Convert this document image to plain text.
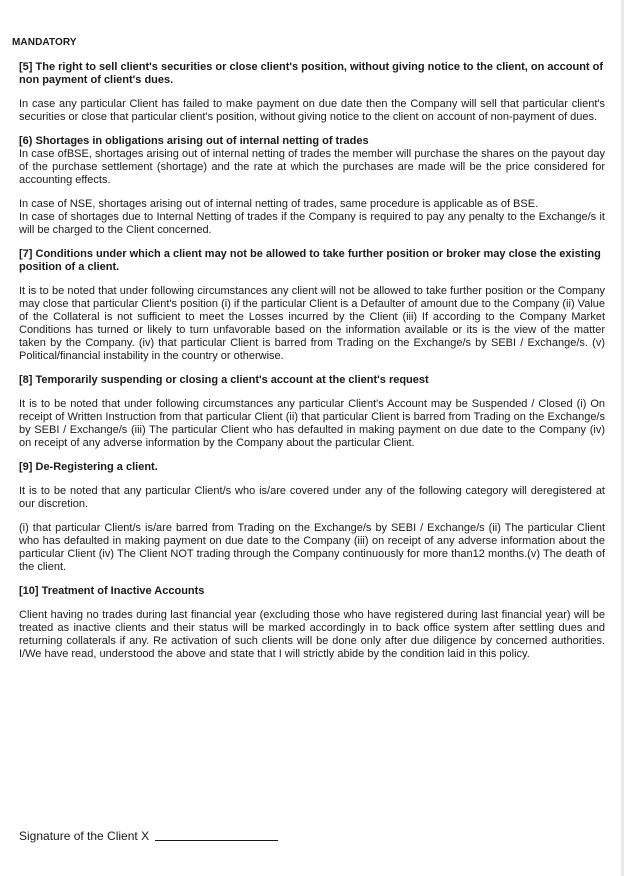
MANDATORY

[5] The right to sell client's securities or close client's position, without giving notice to the client, on account of non payment of client's dues.

In case any particular Client has failed to make payment on due date then the Company will sell that particular client's securities or close that particular client's position, without giving notice to the client on account of non-payment of dues.

[6) Shortages in obligations arising out of internal netting of trades

In case ofBSE, shortages arising out of internal netting of trades the member will purchase the shares on the payout day of the purchase settlement (shortage) and the rate at which the purchases are made will be the price considered for accounting effects.

In case of NSE, shortages arising out of internal netting of trades, same procedure is applicable as of BSE.

In case of shortages due to Internal Netting of trades if the Company is required to pay any penalty to the Exchange/s it will be charged to the Client concerned.

[7] Conditions under which a client may not be allowed to take further position or broker may close the existing position of a client.

It is to be noted that under following circumstances any client will not be allowed to take further position or the Company may close that particular Client's position (i) if the particular Client is a Defaulter of amount due to the Company (ii) Value of the Collateral is not sufficient to meet the Losses incurred by the Client (iii) If according to the Company Market Conditions has turned or likely to turn unfavorable based on the information available or its is the view of the matter taken by the Company. (iv) that particular Client is barred from Trading on the Exchange/s by SEBI / Exchange/s. (v) Political/financial instability in the country or otherwise.

[8] Temporarily suspending or closing a client's account at the client's request

It is to be noted that under following circumstances any particular Client's Account may be Suspended / Closed (i) On receipt of Written Instruction from that particular Client (ii) that particular Client is barred from Trading on the Exchange/s by SEBI / Exchange/s (iii) The particular Client who has defaulted in making payment on due date to the Company (iv) on receipt of any adverse information by the Company about the particular Client.

[9] De-Registering a client.

It is to be noted that any particular Client/s who is/are covered under any of the following category will deregistered at our discretion.

(i) that particular Client/s is/are barred from Trading on the Exchange/s by SEBI / Exchange/s (ii) The particular Client who has defaulted in making payment on due date to the Company (iii) on receipt of any adverse information about the particular Client (iv) The Client NOT trading through the Company continuously for more than12 months.(v) The death of the client.

[10] Treatment of Inactive Accounts

Client having no trades during last financial year (excluding those who have registered during last financial year) will be treated as inactive clients and their status will be marked accordingly in to back office system after settling dues and returning collaterals if any. Re activation of such clients will be done only after due diligence by concerned authorities. I/We have read, understood the above and state that I will strictly abide by the condition laid in this policy.

Signature of the Client X
